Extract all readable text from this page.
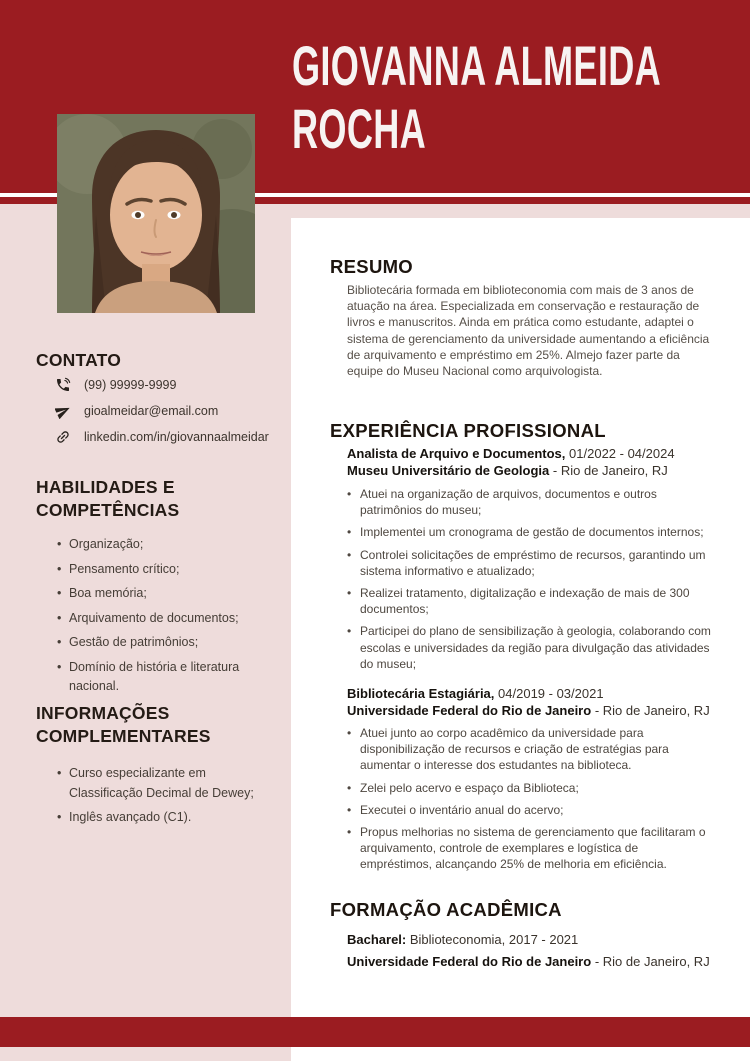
GIOVANNA ALMEIDA
ROCHA
CONTATO
(99) 99999-9999
gioalmeidar@email.com
linkedin.com/in/giovannaalmeidar
HABILIDADES E COMPETÊNCIAS
• Organização;
• Pensamento crítico;
• Boa memória;
• Arquivamento de documentos;
• Gestão de patrimônios;
• Domínio de história e literatura nacional.
INFORMAÇÕES COMPLEMENTARES
• Curso especializante em Classificação Decimal de Dewey;
• Inglês avançado (C1).
RESUMO
Bibliotecária formada em biblioteconomia com mais de 3 anos de atuação na área. Especializada em conservação e restauração de livros e manuscritos. Ainda em prática como estudante, adaptei o sistema de gerenciamento da universidade aumentando a eficiência de arquivamento e empréstimo em 25%. Almejo fazer parte da equipe do Museu Nacional como arquivologista.
EXPERIÊNCIA PROFISSIONAL
Analista de Arquivo e Documentos, 01/2022 - 04/2024
Museu Universitário de Geologia - Rio de Janeiro, RJ
• Atuei na organização de arquivos, documentos e outros patrimônios do museu;
• Implementei um cronograma de gestão de documentos internos;
• Controlei solicitações de empréstimo de recursos, garantindo um sistema informativo e atualizado;
• Realizei tratamento, digitalização e indexação de mais de 300 documentos;
• Participei do plano de sensibilização à geologia, colaborando com escolas e universidades da região para divulgação das atividades do museu;
Bibliotecária Estagiária, 04/2019 - 03/2021
Universidade Federal do Rio de Janeiro - Rio de Janeiro, RJ
• Atuei junto ao corpo acadêmico da universidade para disponibilização de recursos e criação de estratégias para aumentar o interesse dos estudantes na biblioteca.
• Zelei pelo acervo e espaço da Biblioteca;
• Executei o inventário anual do acervo;
• Propus melhorias no sistema de gerenciamento que facilitaram o arquivamento, controle de exemplares e logística de empréstimos, alcançando 25% de melhoria em eficiência.
FORMAÇÃO ACADÊMICA
Bacharel: Biblioteconomia, 2017 - 2021
Universidade Federal do Rio de Janeiro - Rio de Janeiro, RJ
